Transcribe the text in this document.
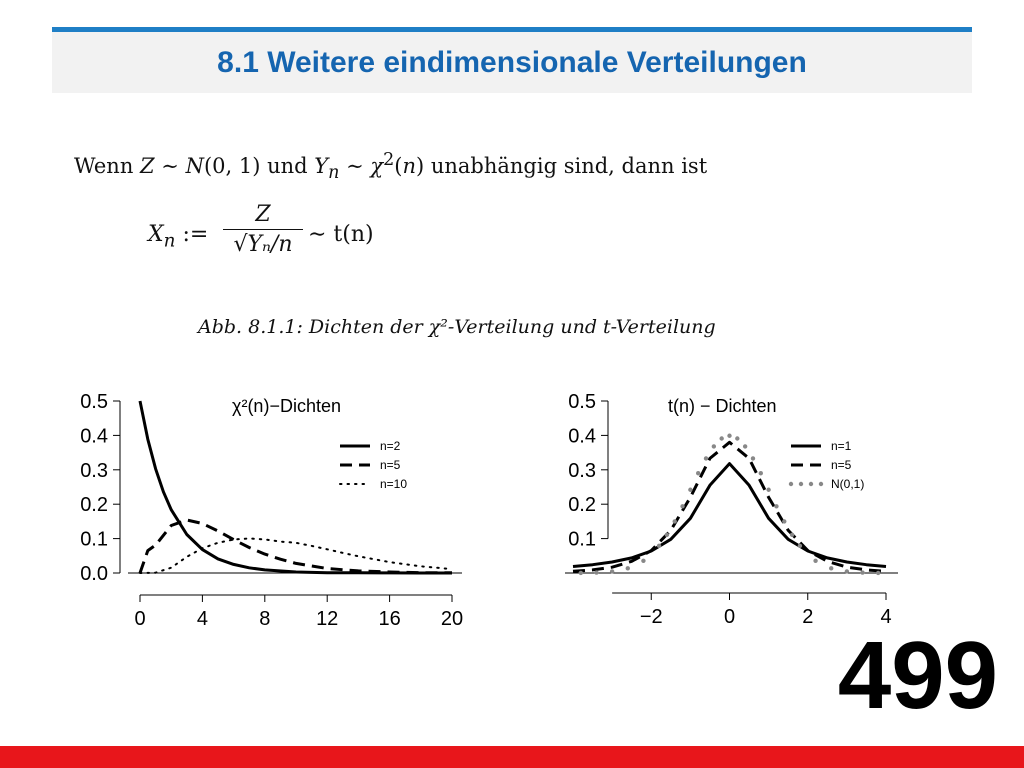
8.1 Weitere eindimensionale Verteilungen
Wenn Z ∼ N(0, 1) und $Y_n$ ∼ $\chi^2(n)$ unabhängig sind, dann ist
$X_n$ :=
Z
√Yₙ/n ∼ t(n)
Abb. 8.1.1: Dichten der χ²-Verteilung und t-Verteilung
0.0
0.1
0.2
0.3
0.4
0.5
0	4	8 12 16 20
χ²(n)−Dichten
n=2
n=5
n=10
0.1
0.2
0.3
0.4
0.5
−2	0	2	4
t(n) − Dichten
n=1
n=5
N(0,1)
499
